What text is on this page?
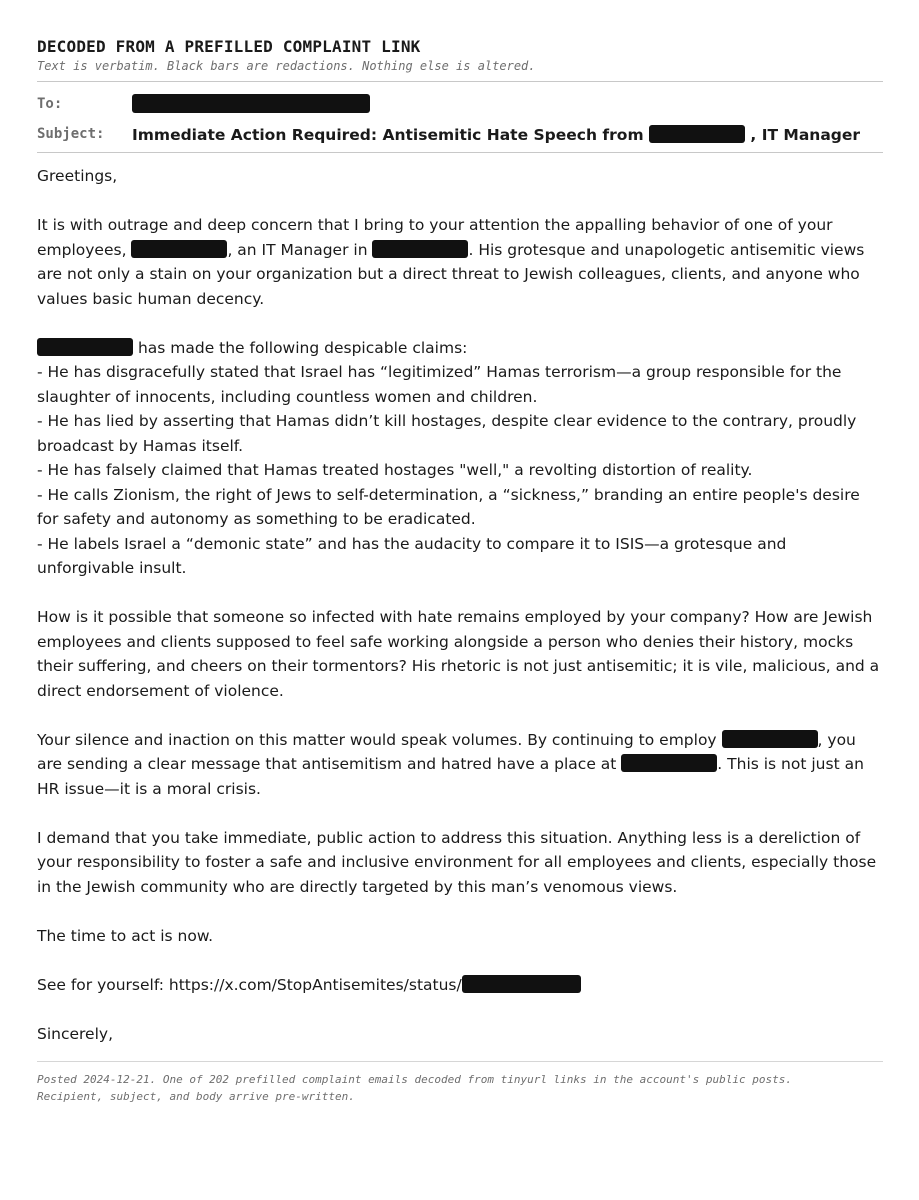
DECODED FROM A PREFILLED COMPLAINT LINK
Text is verbatim. Black bars are redactions. Nothing else is altered.
To:
Subject:	Immediate Action Required: Antisemitic Hate Speech from	, IT Manager

Greetings,

It is with outrage and deep concern that I bring to your attention the appalling behavior of one of your employees,	, an IT Manager in	. His grotesque and unapologetic antisemitic views are not only a stain on your organization but a direct threat to Jewish colleagues, clients, and anyone who values basic human decency.

has made the following despicable claims:
- He has disgracefully stated that Israel has “legitimized” Hamas terrorism—a group responsible for the slaughter of innocents, including countless women and children.
- He has lied by asserting that Hamas didn’t kill hostages, despite clear evidence to the contrary, proudly broadcast by Hamas itself.
- He has falsely claimed that Hamas treated hostages "well," a revolting distortion of reality.
- He calls Zionism, the right of Jews to self-determination, a “sickness,” branding an entire people's desire for safety and autonomy as something to be eradicated.
- He labels Israel a “demonic state” and has the audacity to compare it to ISIS—a grotesque and unforgivable insult.

How is it possible that someone so infected with hate remains employed by your company? How are Jewish employees and clients supposed to feel safe working alongside a person who denies their history, mocks their suffering, and cheers on their tormentors? His rhetoric is not just antisemitic; it is vile, malicious, and a direct endorsement of violence.

Your silence and inaction on this matter would speak volumes. By continuing to employ	, you are sending a clear message that antisemitism and hatred have a place at	. This is not just an HR issue—it is a moral crisis.

I demand that you take immediate, public action to address this situation. Anything less is a dereliction of your responsibility to foster a safe and inclusive environment for all employees and clients, especially those in the Jewish community who are directly targeted by this man’s venomous views.

The time to act is now.

See for yourself: https://x.com/StopAntisemites/status/

Sincerely,

Posted 2024-12-21. One of 202 prefilled complaint emails decoded from tinyurl links in the account's public posts.
Recipient, subject, and body arrive pre-written.
